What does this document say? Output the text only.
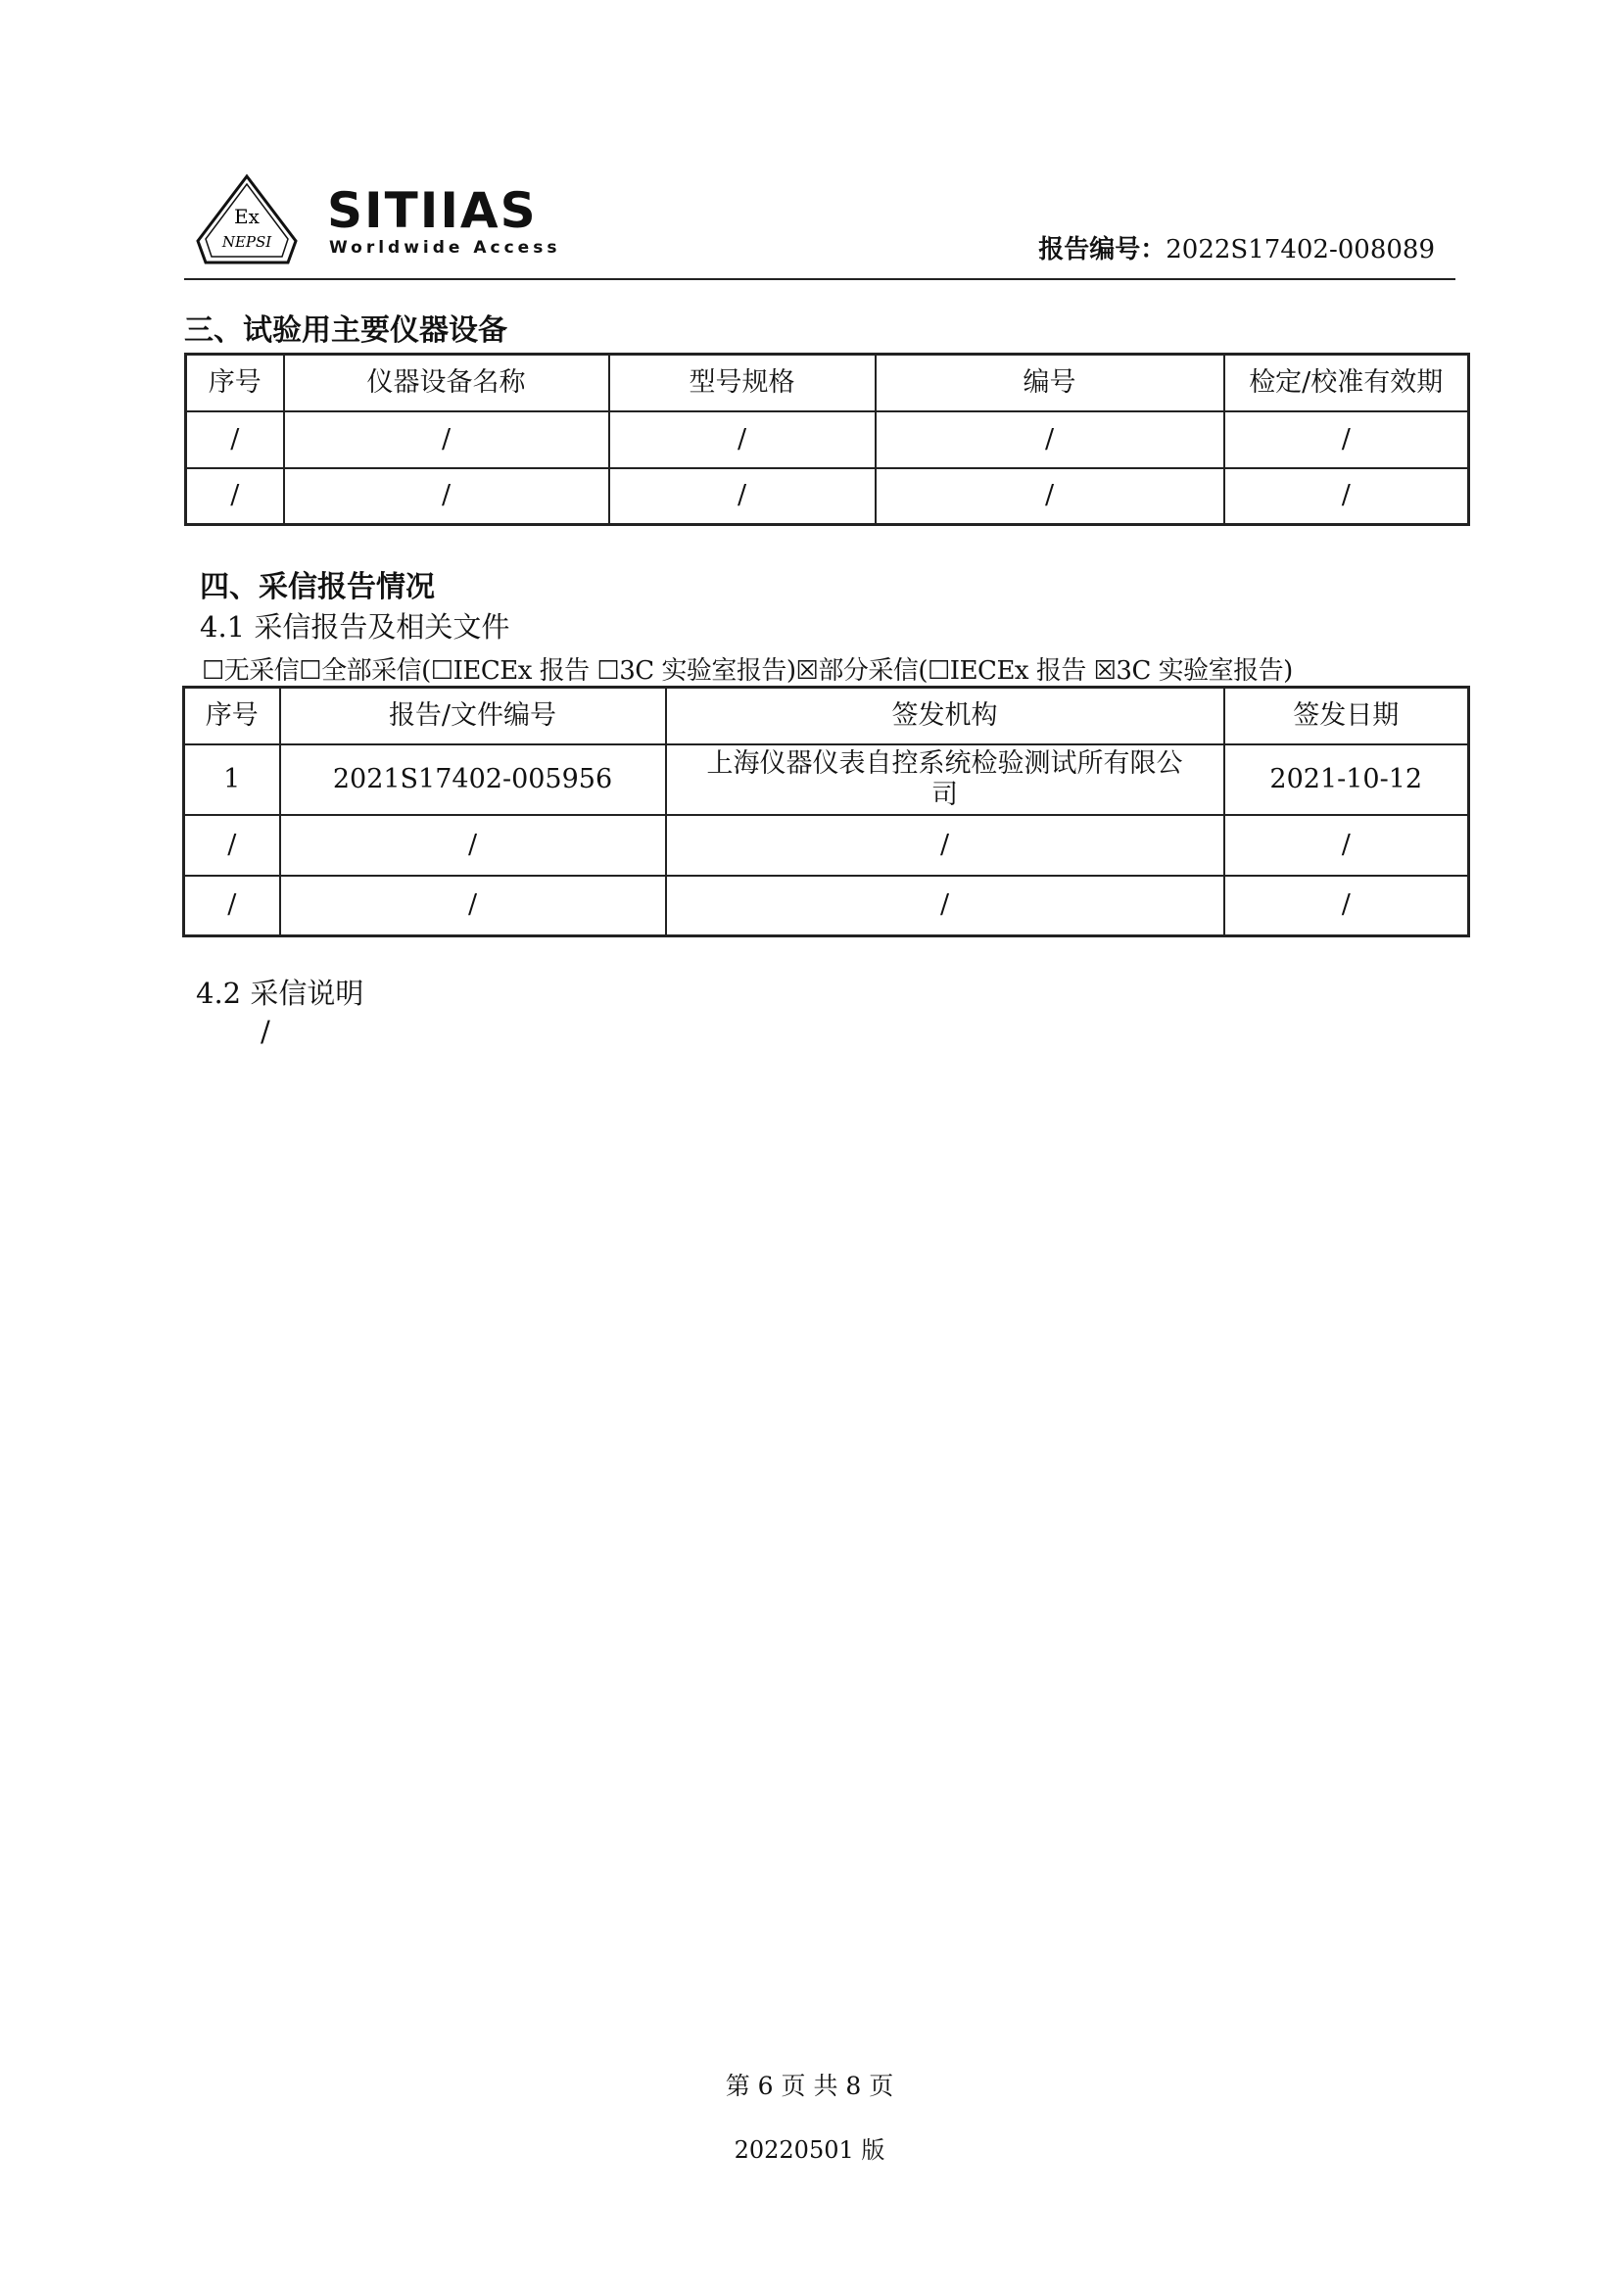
Ex
NEPSI
SITIIAS
Worldwide Access	报告编号：2022S17402-008089
三、试验用主要仪器设备
序号	仪器设备名称	型号规格	编号	检定/校准有效期
/	/	/	/	/
/	/	/	/	/
四、采信报告情况
4.1 采信报告及相关文件
☐无采信☐全部采信(☐IECEx 报告 ☐3C 实验室报告)☒部分采信(☐IECEx 报告 ☒3C 实验室报告)
序号	报告/文件编号	签发机构	签发日期
1	2021S17402-005956	上海仪器仪表自控系统检验测试所有限公司	2021-10-12
/	/	/	/
/	/	/	/
4.2 采信说明
/
第 6 页 共 8 页
20220501 版
